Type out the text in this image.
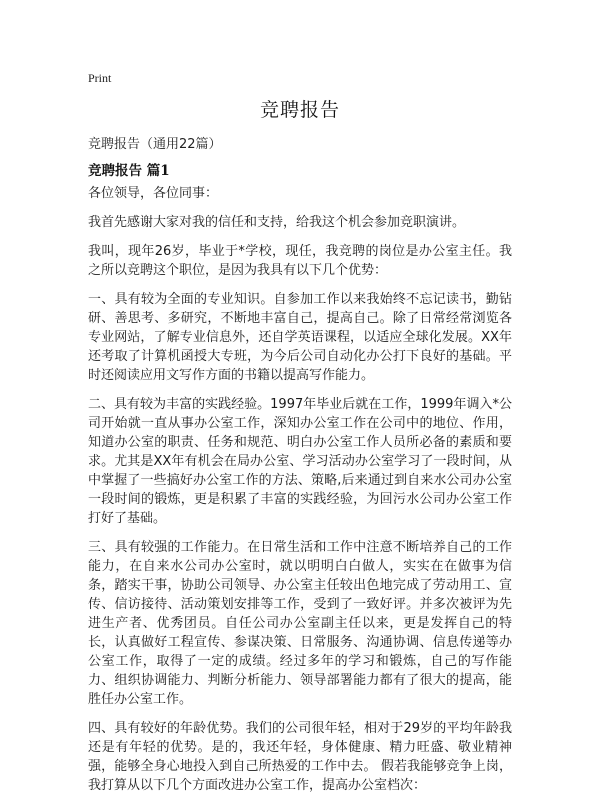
Print
竞聘报告
竞聘报告（通用22篇）
竞聘报告 篇1

各位领导，各位同事：

我首先感谢大家对我的信任和支持，给我这个机会参加竞职演讲。

我叫，现年26岁，毕业于*学校，现任，我竞聘的岗位是办公室主任。我之所以竞聘这个职位，是因为我具有以下几个优势：

一、具有较为全面的专业知识。自参加工作以来我始终不忘记读书，勤钻研、善思考、多研究，不断地丰富自己，提高自己。除了日常经常浏览各专业网站，了解专业信息外，还自学英语课程，以适应全球化发展。XX年还考取了计算机函授大专班，为今后公司自动化办公打下良好的基础。平时还阅读应用文写作方面的书籍以提高写作能力。

二、具有较为丰富的实践经验。1997年毕业后就在工作，1999年调入*公司开始就一直从事办公室工作，深知办公室工作在公司中的地位、作用，知道办公室的职责、任务和规范、明白办公室工作人员所必备的素质和要求。尤其是XX年有机会在局办公室、学习活动办公室学习了一段时间，从中掌握了一些搞好办公室工作的方法、策略,后来通过到自来水公司办公室一段时间的锻炼，更是积累了丰富的实践经验，为回污水公司办公室工作打好了基础。

三、具有较强的工作能力。在日常生活和工作中注意不断培养自己的工作能力，在自来水公司办公室时，就以明明白白做人，实实在在做事为信条，踏实干事，协助公司领导、办公室主任较出色地完成了劳动用工、宣传、信访接待、活动策划安排等工作，受到了一致好评。并多次被评为先进生产者、优秀团员。自任公司办公室副主任以来，更是发挥自己的特长，认真做好工程宣传、参谋决策、日常服务、沟通协调、信息传递等办公室工作，取得了一定的成绩。经过多年的学习和锻炼，自己的写作能力、组织协调能力、判断分析能力、领导部署能力都有了很大的提高，能胜任办公室工作。

四、具有较好的年龄优势。我们的公司很年轻，相对于29岁的平均年龄我还是有年轻的优势。是的，我还年轻，身体健康、精力旺盛、敬业精神强，能够全身心地投入到自己所热爱的工作中去。 假若我能够竞争上岗，我打算从以下几个方面改进办公室工作，提高办公室档次：
